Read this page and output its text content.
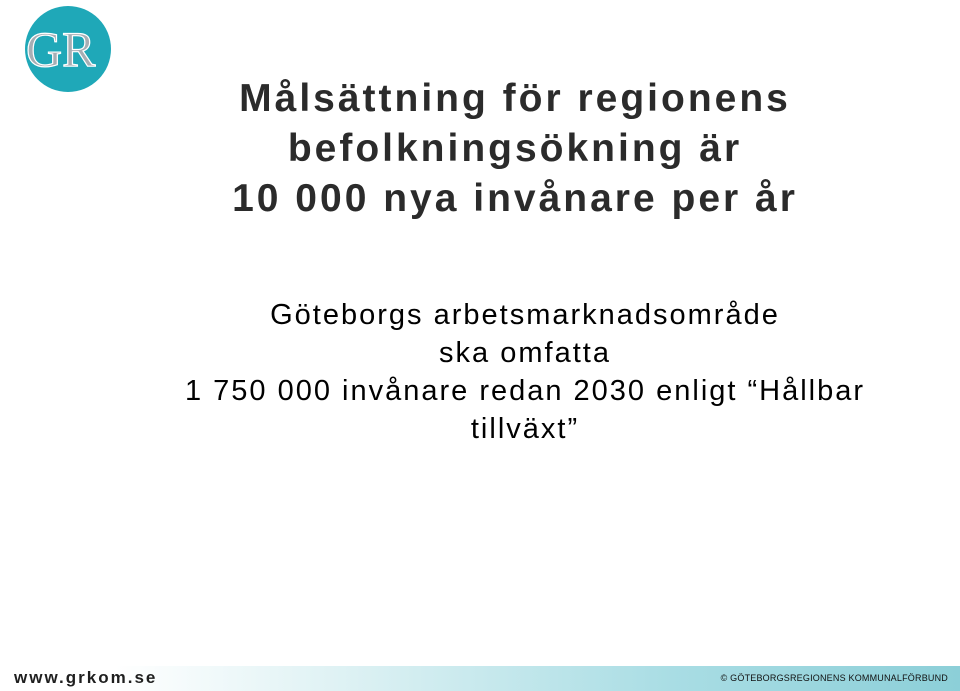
GR
Målsättning för regionens
befolkningsökning är
10 000 nya invånare per år
Göteborgs arbetsmarknadsområde
ska omfatta
1 750 000 invånare redan 2030 enligt “Hållbar
tillväxt”
www.grkom.se	© GÖTEBORGSREGIONENS KOMMUNALFÖRBUND
